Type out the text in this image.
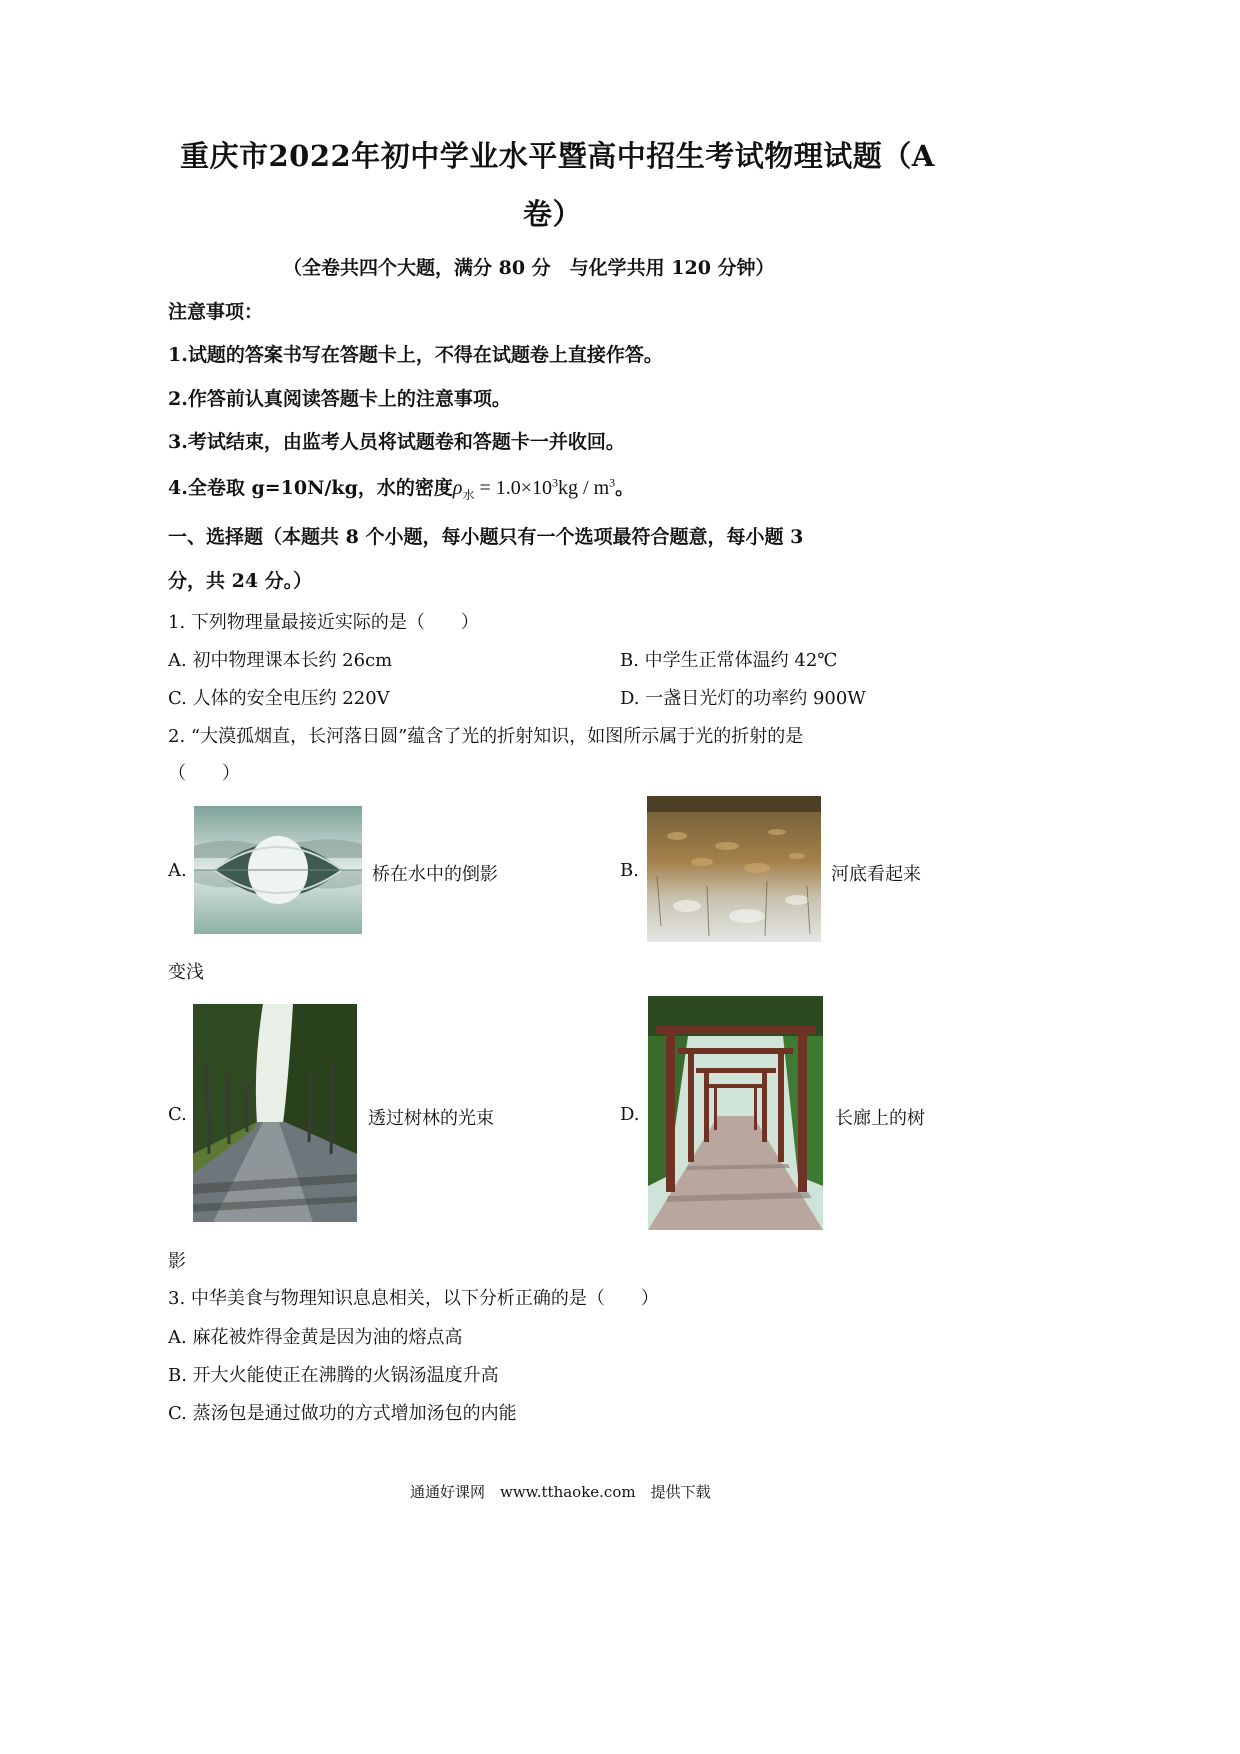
重庆市2022年初中学业水平暨高中招生考试物理试题（A
卷）
（全卷共四个大题，满分 80 分　与化学共用 120 分钟）
注意事项：
1.试题的答案书写在答题卡上，不得在试题卷上直接作答。
2.作答前认真阅读答题卡上的注意事项。
3.考试结束，由监考人员将试题卷和答题卡一并收回。
4.全卷取 g=10N/kg，水的密度$\rho_水 = 1.0\times 10^3kg / m^3$。
一、选择题（本题共 8 个小题，每小题只有一个选项最符合题意，每小题 3
分，共 24 分。）
1. 下列物理量最接近实际的是（　　）
A. 初中物理课本长约 26cm	B. 中学生正常体温约 42℃
C. 人体的安全电压约 220V	D. 一盏日光灯的功率约 900W
2. “大漠孤烟直，长河落日圆”蕴含了光的折射知识，如图所示属于光的折射的是
（　　）
A.	桥在水中的倒影	B.	河底看起来
变浅
C.	透过树林的光束	D.	长廊上的树
影
3. 中华美食与物理知识息息相关，以下分析正确的是（　　）
A. 麻花被炸得金黄是因为油的熔点高
B. 开大火能使正在沸腾的火锅汤温度升高
C. 蒸汤包是通过做功的方式增加汤包的内能
通通好课网　www.tthaoke.com　提供下载
